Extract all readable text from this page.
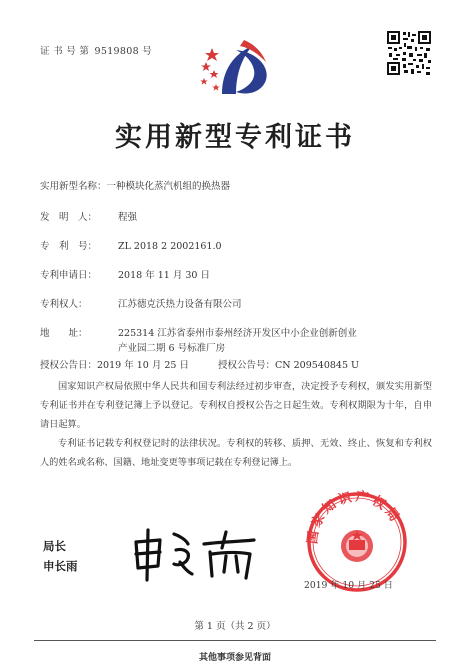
证 书 号 第 9519808 号
实用新型专利证书
实用新型名称：一种模块化蒸汽机组的换热器
发　明　人： 程强
专　利　号： ZL 2018 2 2002161.0
专利申请日： 2018 年 11 月 30 日
专利权人：	江苏德克沃热力设备有限公司
地　　址：	225314 江苏省泰州市泰州经济开发区中小企业创新创业
产业园二期 6 号标准厂房
授权公告日：2019 年 10 月 25 日	授权公告号：CN 209540845 U
国家知识产权局依照中华人民共和国专利法经过初步审查，决定授予专利权，颁发实用新型专利证书并在专利登记簿上予以登记。专利权自授权公告之日起生效。专利权期限为十年，自申请日起算。
专利证书记载专利权登记时的法律状况。专利权的转移、质押、无效、终止、恢复和专利权人的姓名或名称、国籍、地址变更等事项记载在专利登记簿上。
局长
申长雨
国家知识产权局
2019 年 10 月 25 日
第 1 页（共 2 页）
其他事项参见背面
